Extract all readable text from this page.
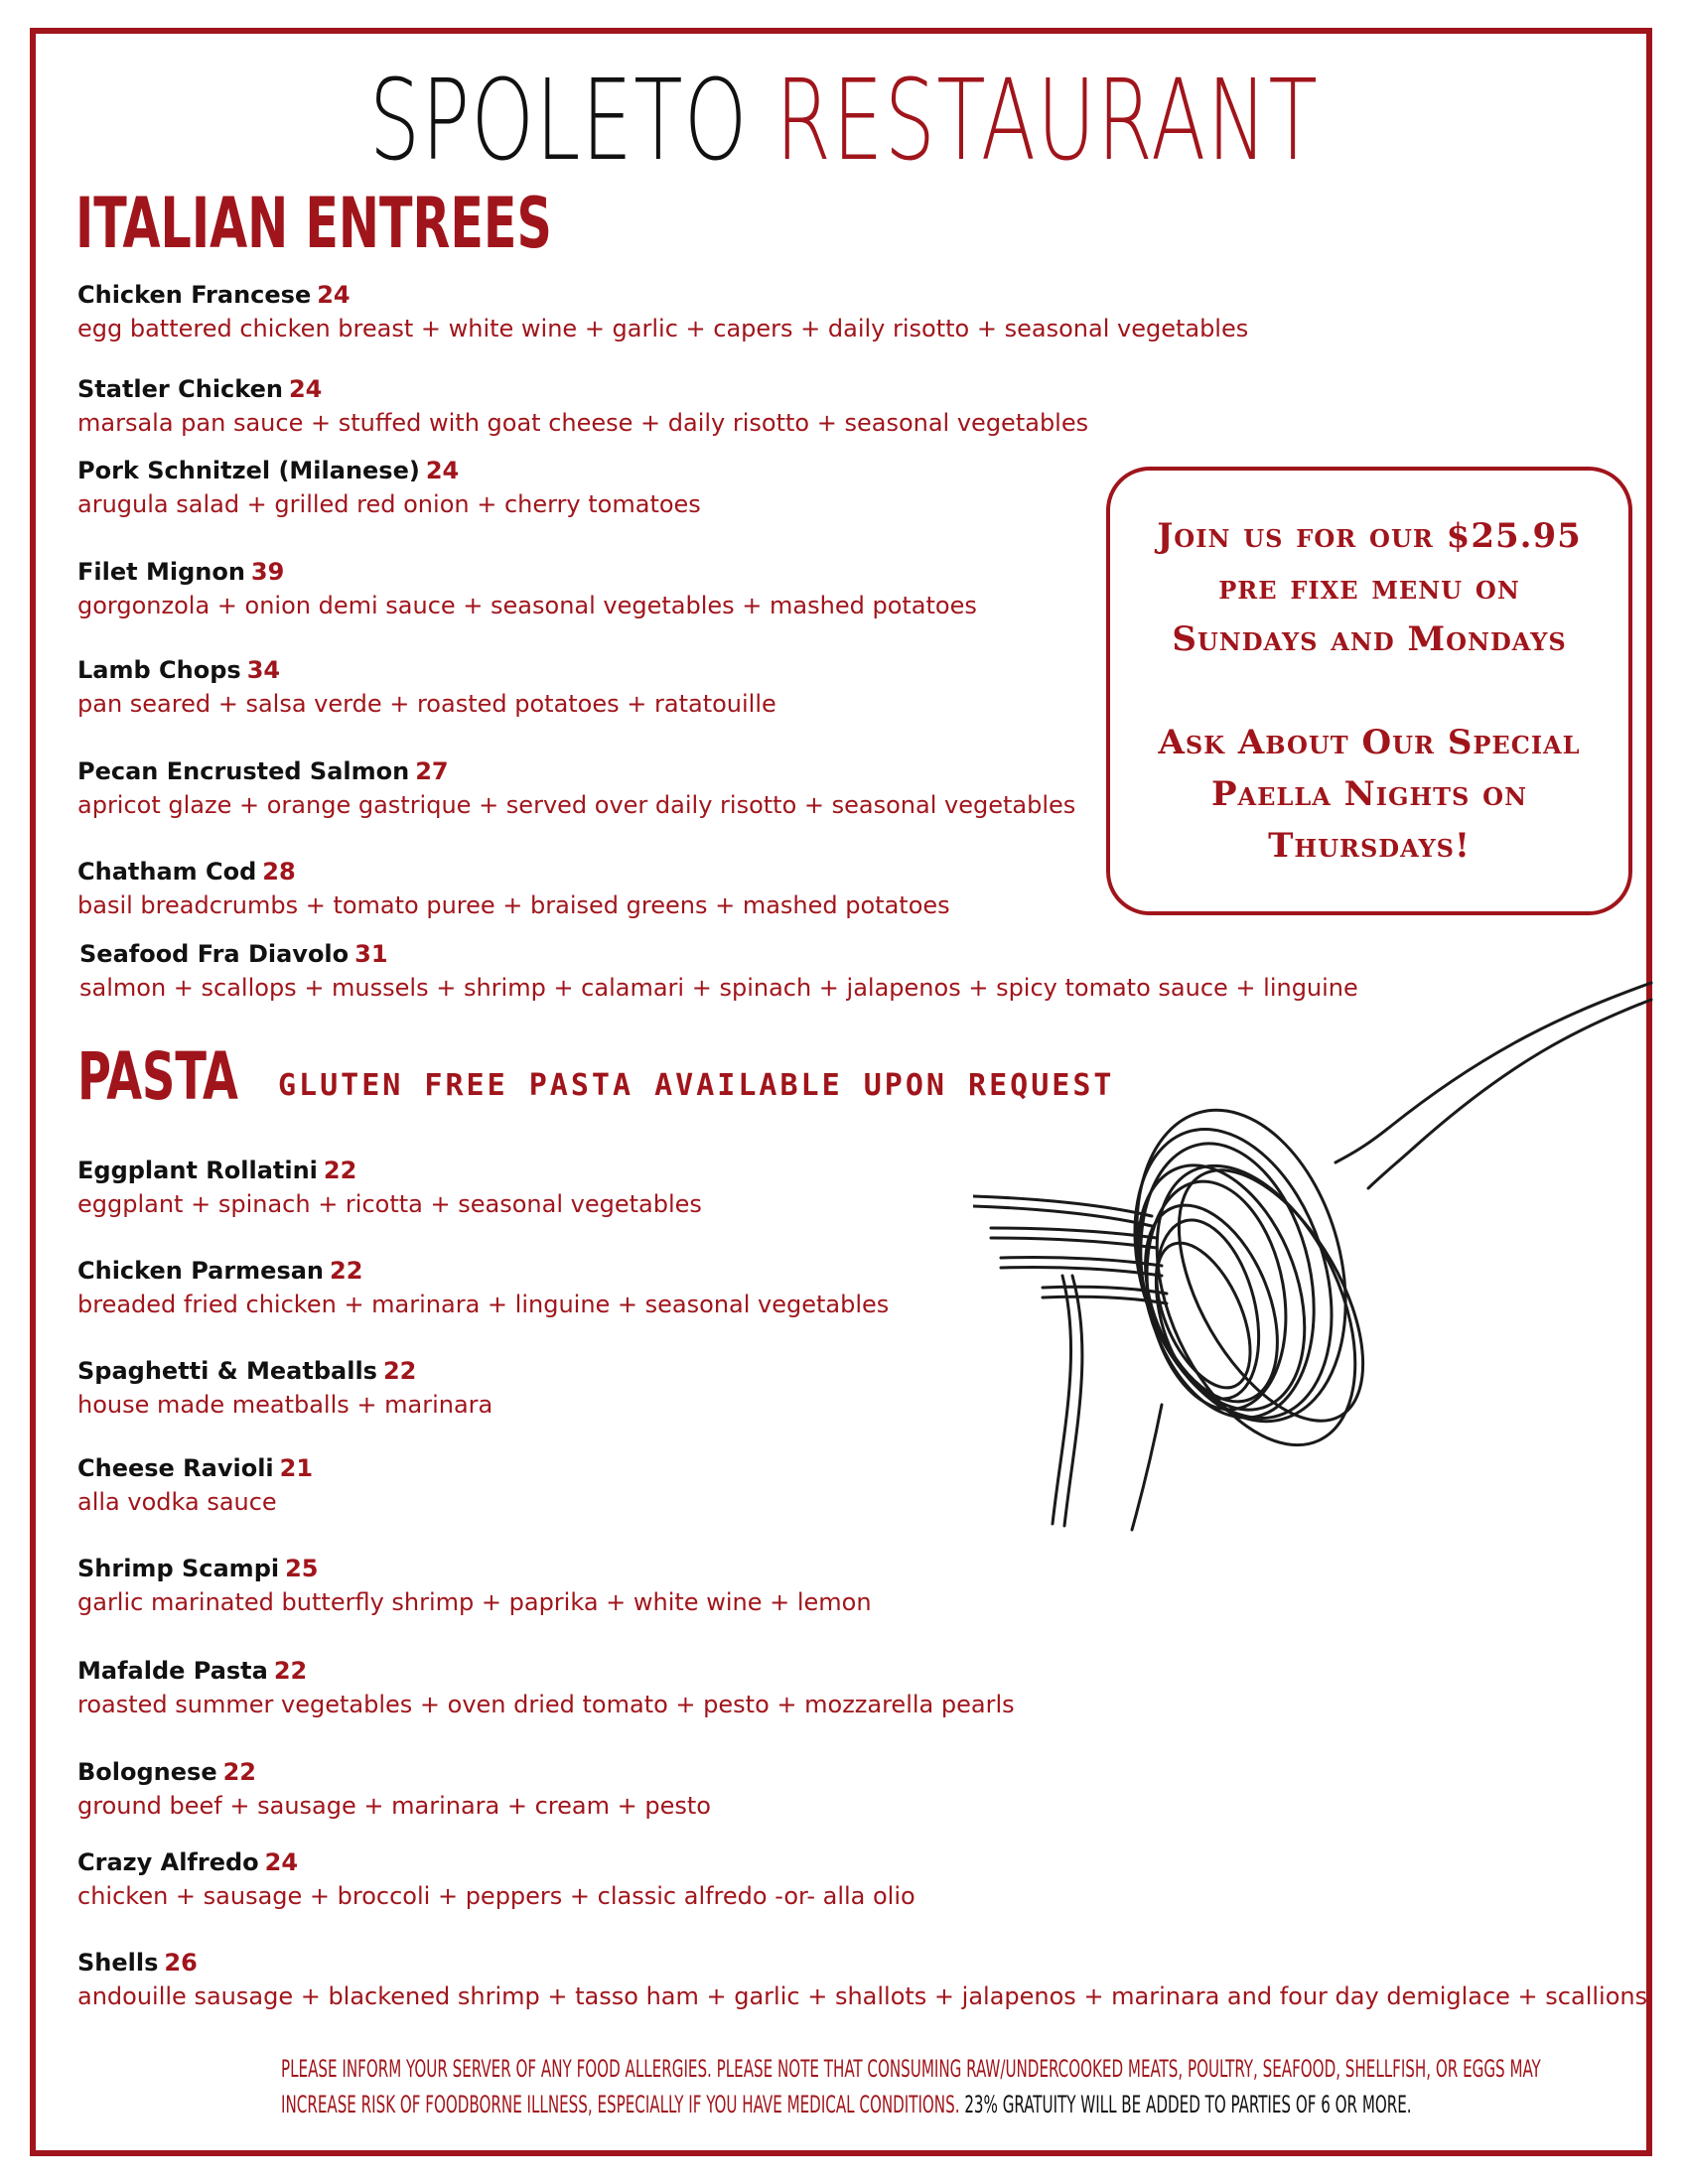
SPOLETO RESTAURANT
ITALIAN ENTREES
Chicken Francese 24
egg battered chicken breast + white wine + garlic + capers + daily risotto + seasonal vegetables
Statler Chicken 24
marsala pan sauce + stuffed with goat cheese + daily risotto + seasonal vegetables
Pork Schnitzel (Milanese) 24
arugula salad + grilled red onion + cherry tomatoes
Filet Mignon 39
gorgonzola + onion demi sauce + seasonal vegetables + mashed potatoes
Lamb Chops 34
pan seared + salsa verde + roasted potatoes + ratatouille
Pecan Encrusted Salmon 27
apricot glaze + orange gastrique + served over daily risotto + seasonal vegetables
Chatham Cod 28
basil breadcrumbs + tomato puree + braised greens + mashed potatoes
Seafood Fra Diavolo 31
salmon + scallops + mussels + shrimp + calamari + spinach + jalapenos + spicy tomato sauce + linguine

Join us for our $25.95

pre fixe menu on

Sundays and Mondays

Ask About Our Special

Paella Nights on

Thursdays!

PASTA GLUTEN FREE PASTA AVAILABLE UPON REQUEST
Eggplant Rollatini 22
eggplant + spinach + ricotta + seasonal vegetables
Chicken Parmesan 22
breaded fried chicken + marinara + linguine + seasonal vegetables
Spaghetti & Meatballs 22
house made meatballs + marinara
Cheese Ravioli 21
alla vodka sauce
Shrimp Scampi 25
garlic marinated butterfly shrimp + paprika + white wine + lemon
Mafalde Pasta 22
roasted summer vegetables + oven dried tomato + pesto + mozzarella pearls
Bolognese 22
ground beef + sausage + marinara + cream + pesto
Crazy Alfredo 24
chicken + sausage + broccoli + peppers + classic alfredo -or- alla olio
Shells 26
andouille sausage + blackened shrimp + tasso ham + garlic + shallots + jalapenos + marinara and four day demiglace + scallions
PLEASE INFORM YOUR SERVER OF ANY FOOD ALLERGIES. PLEASE NOTE THAT CONSUMING RAW/UNDERCOOKED MEATS, POULTRY, SEAFOOD, SHELLFISH, OR EGGS MAY
INCREASE RISK OF FOODBORNE ILLNESS, ESPECIALLY IF YOU HAVE MEDICAL CONDITIONS. 23% GRATUITY WILL BE ADDED TO PARTIES OF 6 OR MORE.
